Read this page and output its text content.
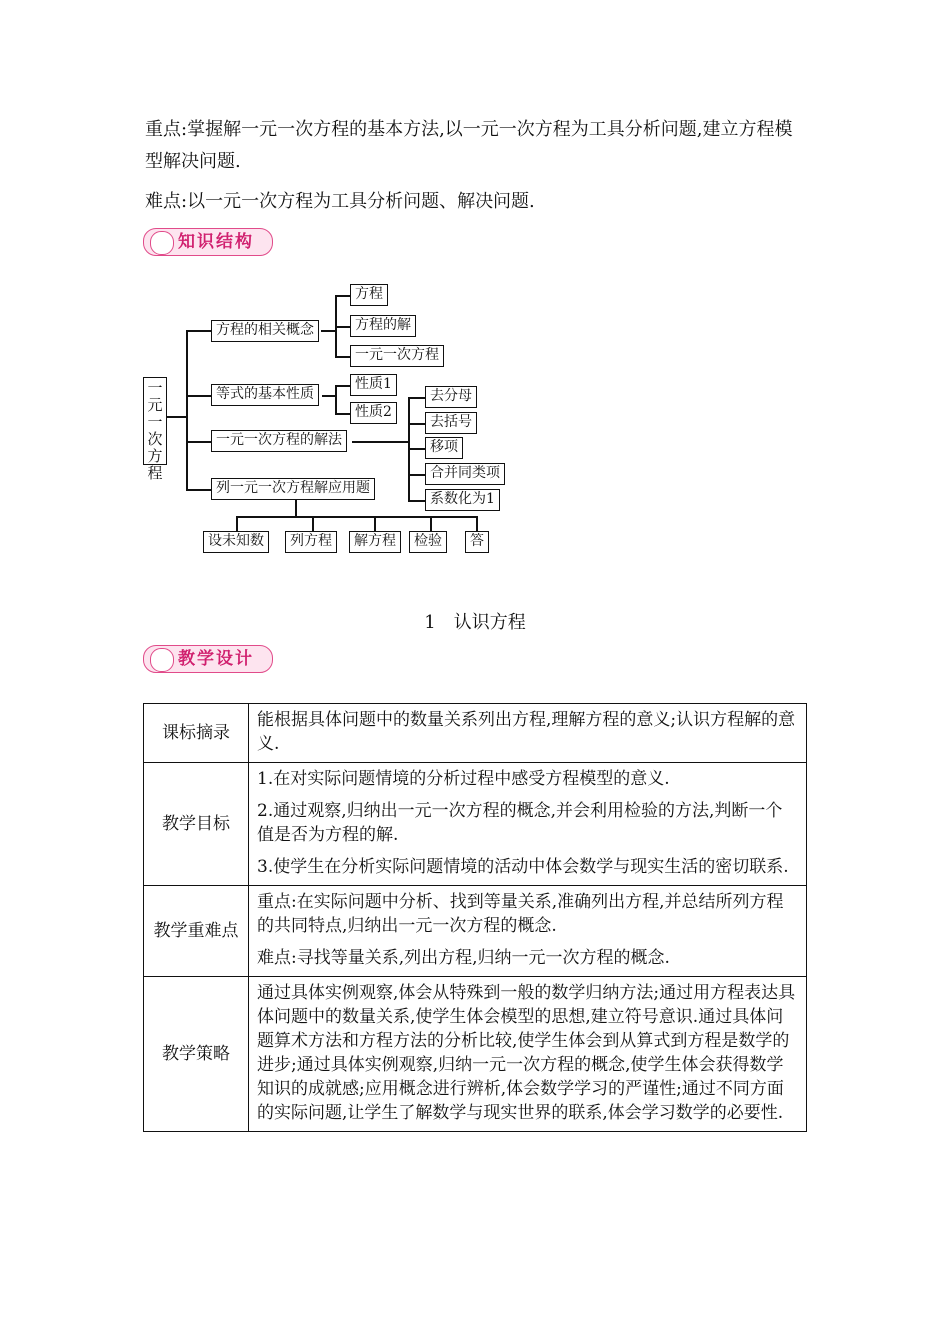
重点:掌握解一元一次方程的基本方法,以一元一次方程为工具分析问题,建立方程模型解决问题.
难点:以一元一次方程为工具分析问题、解决问题.
知识结构
一元一次方程
方程的相关概念
等式的基本性质
一元一次方程的解法
列一元一次方程解应用题
方程
方程的解
一元一次方程
性质1
性质2
去分母
去括号
移项
合并同类项
系数化为1
设未知数	列方程	解方程	检验	答
1　认识方程
教学设计
课标摘录	能根据具体问题中的数量关系列出方程,理解方程的意义;认识方程解的意义.

教学目标	1.在对实际问题情境的分析过程中感受方程模型的意义.

2.通过观察,归纳出一元一次方程的概念,并会利用检验的方法,判断一个值是否为方程的解.

3.使学生在分析实际问题情境的活动中体会数学与现实生活的密切联系.

教学重难点	重点:在实际问题中分析、找到等量关系,准确列出方程,并总结所列方程的共同特点,归纳出一元一次方程的概念.

难点:寻找等量关系,列出方程,归纳一元一次方程的概念.

教学策略	通过具体实例观察,体会从特殊到一般的数学归纳方法;通过用方程表达具体问题中的数量关系,使学生体会模型的思想,建立符号意识.通过具体问题算术方法和方程方法的分析比较,使学生体会到从算式到方程是数学的进步;通过具体实例观察,归纳一元一次方程的概念,使学生体会获得数学知识的成就感;应用概念进行辨析,体会数学学习的严谨性;通过不同方面的实际问题,让学生了解数学与现实世界的联系,体会学习数学的必要性.
